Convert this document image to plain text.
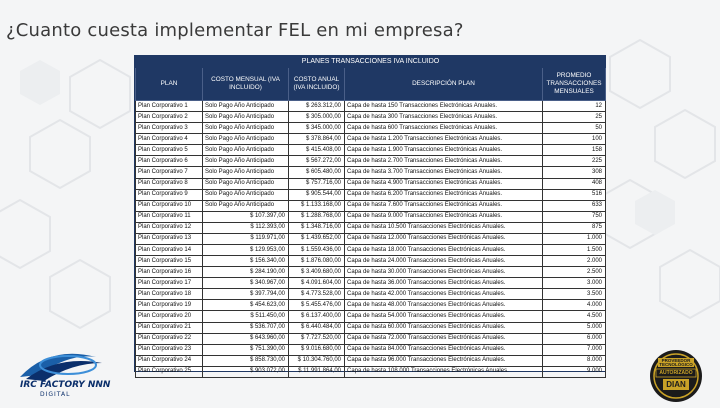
¿Cuanto cuesta implementar FEL en mi empresa?
PLANES TRANSACCIONES IVA INCLUIDO				
PLAN	COSTO MENSUAL (IVA INCLUIDO)	COSTO ANUAL (IVA INCLUIDO)	DESCRIPCIÓN PLAN	PROMEDIO TRANSACCIONES MENSUALES
Plan Corporativo 1	Solo Pago Año Anticipado	$ 263.312,00	Capa de hasta 150 Transacciones Electrónicas Anuales.	12
Plan Corporativo 2	Solo Pago Año Anticipado	$ 305.000,00	Capa de hasta 300 Transacciones Electrónicas Anuales.	25
Plan Corporativo 3	Solo Pago Año Anticipado	$ 345.000,00	Capa de hasta 600 Transacciones Electrónicas Anuales.	50
Plan Corporativo 4	Solo Pago Año Anticipado	$ 378.864,00	Capa de hasta 1.200 Transacciones Electrónicas Anuales.	100
Plan Corporativo 5	Solo Pago Año Anticipado	$ 415.408,00	Capa de hasta 1.900 Transacciones Electrónicas Anuales.	158
Plan Corporativo 6	Solo Pago Año Anticipado	$ 567.272,00	Capa de hasta 2.700 Transacciones Electrónicas Anuales.	225
Plan Corporativo 7	Solo Pago Año Anticipado	$ 605.480,00	Capa de hasta 3.700 Transacciones Electrónicas Anuales.	308
Plan Corporativo 8	Solo Pago Año Anticipado	$ 757.716,00	Capa de hasta 4.900 Transacciones Electrónicas Anuales.	408
Plan Corporativo 9	Solo Pago Año Anticipado	$ 905.544,00	Capa de hasta 6.200 Transacciones Electrónicas Anuales.	516
Plan Corporativo 10	Solo Pago Año Anticipado	$ 1.133.168,00	Capa de hasta 7.600 Transacciones Electrónicas Anuales.	633
Plan Corporativo 11	$ 107.397,00	$ 1.288.768,00	Capa de hasta 9.000 Transacciones Electrónicas Anuales.	750
Plan Corporativo 12	$ 112.393,00	$ 1.348.716,00	Capa de hasta 10.500 Transacciones Electrónicas Anuales.	875
Plan Corporativo 13	$ 119.971,00	$ 1.439.652,00	Capa de hasta 12.000 Transacciones Electrónicas Anuales.	1.000
Plan Corporativo 14	$ 129.953,00	$ 1.559.436,00	Capa de hasta 18.000 Transacciones Electrónicas Anuales.	1.500
Plan Corporativo 15	$ 156.340,00	$ 1.876.080,00	Capa de hasta 24.000 Transacciones Electrónicas Anuales.	2.000
Plan Corporativo 16	$ 284.190,00	$ 3.409.680,00	Capa de hasta 30.000 Transacciones Electrónicas Anuales.	2.500
Plan Corporativo 17	$ 340.967,00	$ 4.091.604,00	Capa de hasta 36.000 Transacciones Electrónicas Anuales.	3.000
Plan Corporativo 18	$ 397.794,00	$ 4.773.528,00	Capa de hasta 42.000 Transacciones Electrónicas Anuales.	3.500
Plan Corporativo 19	$ 454.623,00	$ 5.455.476,00	Capa de hasta 48.000 Transacciones Electrónicas Anuales.	4.000
Plan Corporativo 20	$ 511.450,00	$ 6.137.400,00	Capa de hasta 54.000 Transacciones Electrónicas Anuales.	4.500
Plan Corporativo 21	$ 536.707,00	$ 6.440.484,00	Capa de hasta 60.000 Transacciones Electrónicas Anuales.	5.000
Plan Corporativo 22	$ 643.960,00	$ 7.727.520,00	Capa de hasta 72.000 Transacciones Electrónicas Anuales.	6.000
Plan Corporativo 23	$ 751.390,00	$ 9.016.680,00	Capa de hasta 84.000 Transacciones Electrónicas Anuales.	7.000
Plan Corporativo 24	$ 858.730,00	$ 10.304.760,00	Capa de hasta 96.000 Transacciones Electrónicas Anuales.	8.000
Plan Corporativo 25	$ 903.072,00	$ 11.991.864,00	Capa de hasta 108.000 Transacciones Electrónicas Anuales.	9.000
IRC FACTORY NNN
DIGITAL
PROVEEDOR
TECNOLÓGICO
AUTORIZADO
DIAN
